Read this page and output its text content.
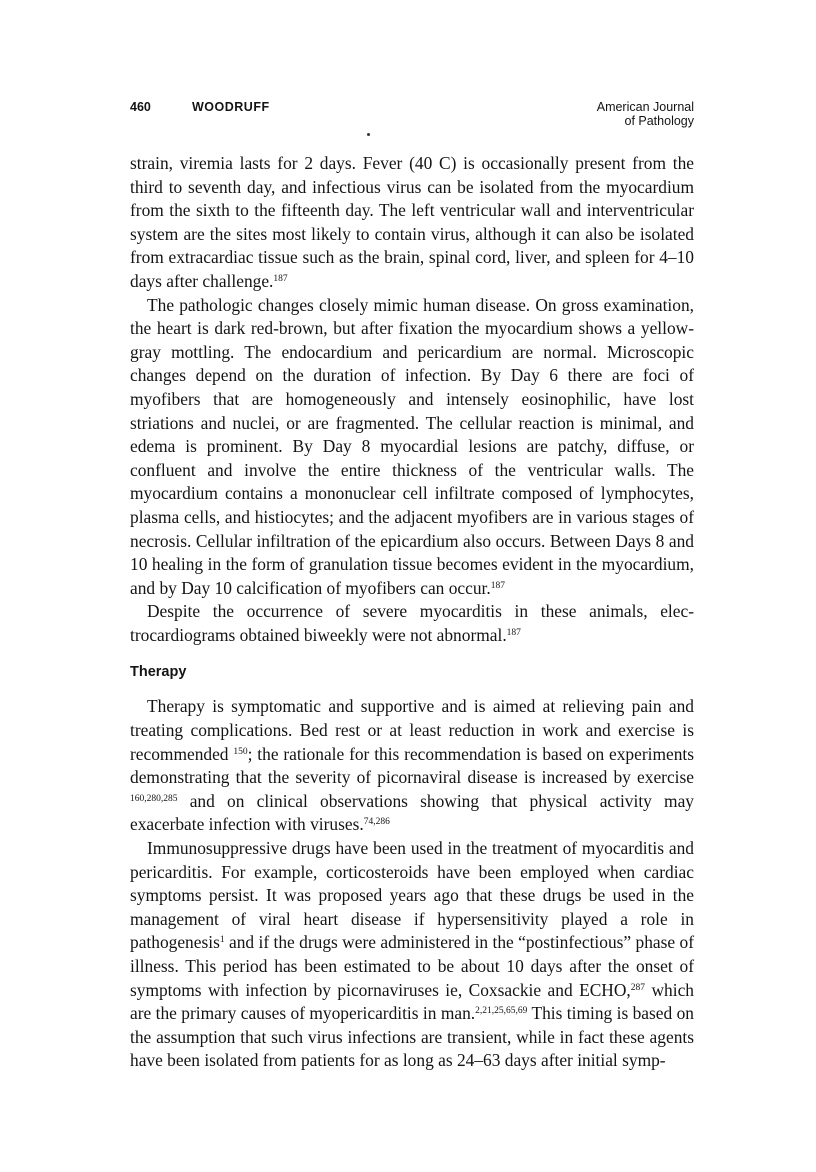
460	WOODRUFF	American Journal
of Pathology

strain, viremia lasts for 2 days. Fever (40 C) is occasionally present from the third to seventh day, and infectious virus can be isolated from the myocardium from the sixth to the fifteenth day. The left ventricular wall and interventricular system are the sites most likely to contain virus, although it can also be isolated from extracardiac tissue such as the brain, spinal cord, liver, and spleen for 4–10 days after challenge.$^{187}$

The pathologic changes closely mimic human disease. On gross examination, the heart is dark red-brown, but after fixation the myocardium shows a yellow-gray mottling. The endocardium and pericardium are normal. Microscopic changes depend on the duration of infection. By Day 6 there are foci of myofibers that are homogeneously and intensely eosinophilic, have lost striations and nuclei, or are fragmented. The cellular reaction is minimal, and edema is prominent. By Day 8 myocardial lesions are patchy, diffuse, or confluent and involve the entire thickness of the ventricular walls. The myocardium contains a mononuclear cell infiltrate composed of lymphocytes, plasma cells, and histiocytes; and the adjacent myofibers are in various stages of necrosis. Cellular infiltration of the epicardium also occurs. Between Days 8 and 10 healing in the form of granulation tissue becomes evident in the myocardium, and by Day 10 calcification of myofibers can occur.$^{187}$

Despite the occurrence of severe myocarditis in these animals, electrocardiograms obtained biweekly were not abnormal.$^{187}$

Therapy

Therapy is symptomatic and supportive and is aimed at relieving pain and treating complications. Bed rest or at least reduction in work and exercise is recommended $^{150}$; the rationale for this recommendation is based on experiments demonstrating that the severity of picornaviral disease is increased by exercise $^{160,280,285}$ and on clinical observations showing that physical activity may exacerbate infection with viruses.$^{74,286}$

Immunosuppressive drugs have been used in the treatment of myocarditis and pericarditis. For example, corticosteroids have been employed when cardiac symptoms persist. It was proposed years ago that these drugs be used in the management of viral heart disease if hypersensitivity played a role in pathogenesis$^1$ and if the drugs were administered in the “postinfectious” phase of illness. This period has been estimated to be about 10 days after the onset of symptoms with infection by picornaviruses ie, Coxsackie and ECHO,$^{287}$ which are the primary causes of myopericarditis in man.$^{2,21,25,65,69}$ This timing is based on the assumption that such virus infections are transient, while in fact these agents have been isolated from patients for as long as 24–63 days after initial symp-
